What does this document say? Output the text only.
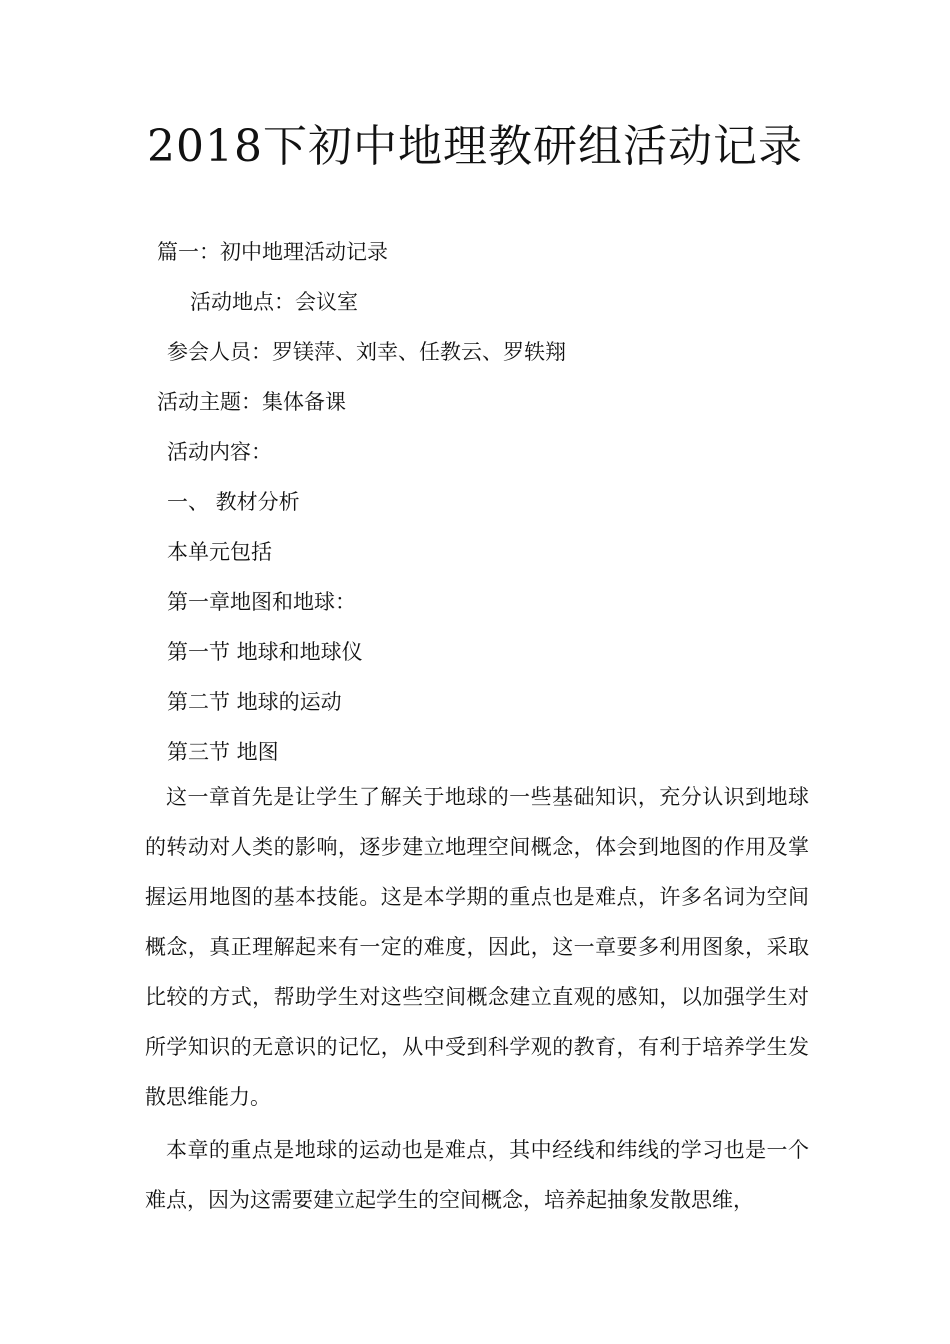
2018下初中地理教研组活动记录

篇一：初中地理活动记录

活动地点：会议室

参会人员：罗镁萍、刘幸、任教云、罗轶翔

活动主题：集体备课

活动内容：

一、 教材分析

本单元包括

第一章地图和地球：

第一节 地球和地球仪

第二节 地球的运动

第三节 地图

这一章首先是让学生了解关于地球的一些基础知识，充分认识到地球的转动对人类的影响，逐步建立地理空间概念，体会到地图的作用及掌握运用地图的基本技能。这是本学期的重点也是难点，许多名词为空间概念，真正理解起来有一定的难度，因此，这一章要多利用图象，采取比较的方式，帮助学生对这些空间概念建立直观的感知，以加强学生对所学知识的无意识的记忆，从中受到科学观的教育，有利于培养学生发散思维能力。

本章的重点是地球的运动也是难点，其中经线和纬线的学习也是一个难点，因为这需要建立起学生的空间概念，培养起抽象发散思维，
